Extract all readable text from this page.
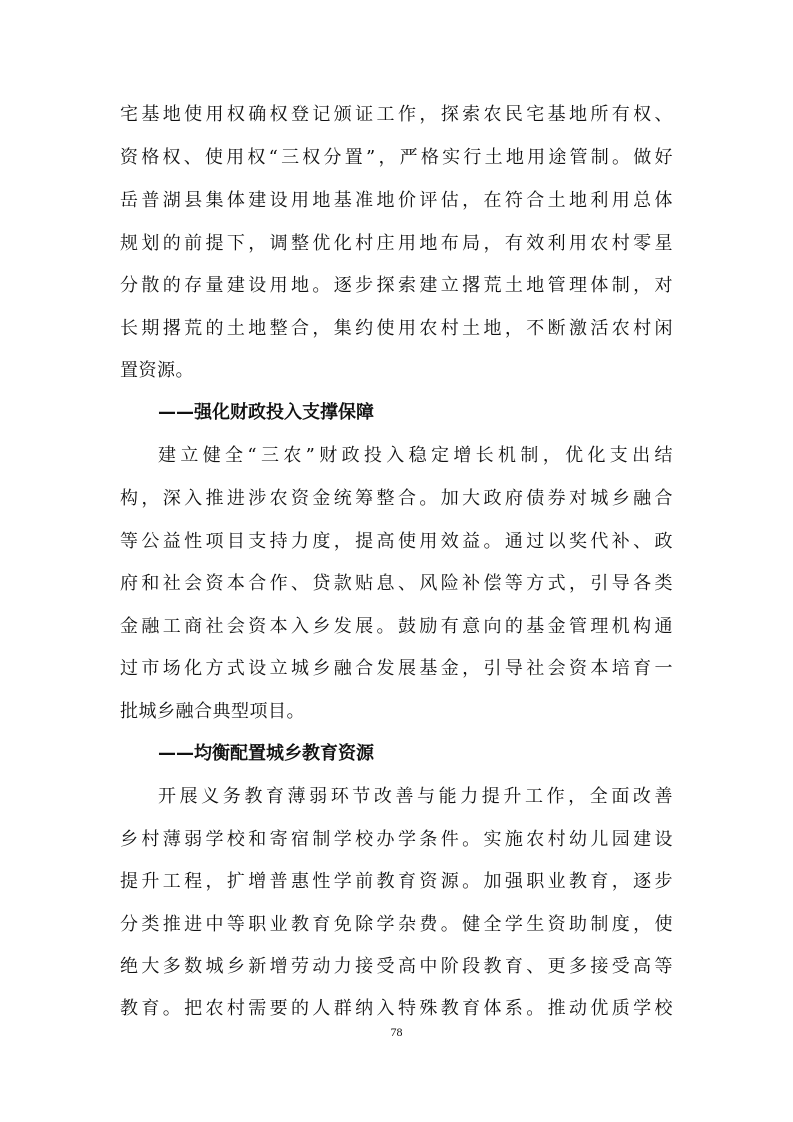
宅基地使用权确权登记颁证工作，探索农民宅基地所有权、
资格权、使用权“三权分置”，严格实行土地用途管制。做好
岳普湖县集体建设用地基准地价评估，在符合土地利用总体
规划的前提下，调整优化村庄用地布局，有效利用农村零星
分散的存量建设用地。逐步探索建立撂荒土地管理体制，对
长期撂荒的土地整合，集约使用农村土地，不断激活农村闲
置资源。
——强化财政投入支撑保障
建立健全“三农”财政投入稳定增长机制，优化支出结
构，深入推进涉农资金统筹整合。加大政府债券对城乡融合
等公益性项目支持力度，提高使用效益。通过以奖代补、政
府和社会资本合作、贷款贴息、风险补偿等方式，引导各类
金融工商社会资本入乡发展。鼓励有意向的基金管理机构通
过市场化方式设立城乡融合发展基金，引导社会资本培育一
批城乡融合典型项目。
——均衡配置城乡教育资源
开展义务教育薄弱环节改善与能力提升工作，全面改善
乡村薄弱学校和寄宿制学校办学条件。实施农村幼儿园建设
提升工程，扩增普惠性学前教育资源。加强职业教育，逐步
分类推进中等职业教育免除学杂费。健全学生资助制度，使
绝大多数城乡新增劳动力接受高中阶段教育、更多接受高等
教育。把农村需要的人群纳入特殊教育体系。推动优质学校
78
